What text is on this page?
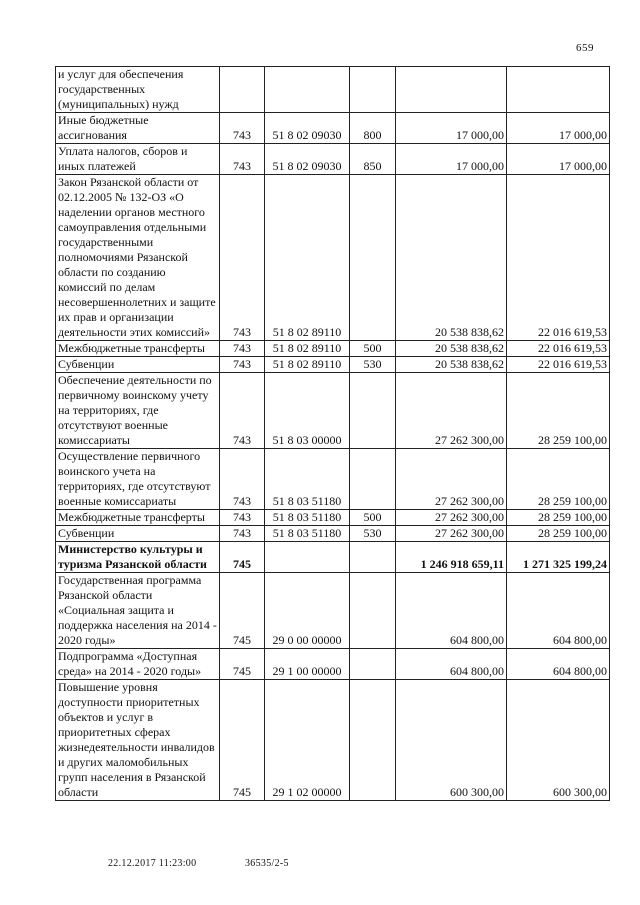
659
и услуг для обеспечения государственных (муниципальных) нужд					
Иные бюджетные ассигнования	743	51 8 02 09030	800	17 000,00	17 000,00
Уплата налогов, сборов и иных платежей	743	51 8 02 09030	850	17 000,00	17 000,00
Закон Рязанской области от 02.12.2005 № 132-ОЗ «О наделении органов местного самоуправления отдельными государственными полномочиями Рязанской области по созданию комиссий по делам несовершеннолетних и защите их прав и организации деятельности этих комиссий»	743	51 8 02 89110		20 538 838,62	22 016 619,53
Межбюджетные трансферты	743	51 8 02 89110	500	20 538 838,62	22 016 619,53
Субвенции	743	51 8 02 89110	530	20 538 838,62	22 016 619,53
Обеспечение деятельности по первичному воинскому учету на территориях, где отсутствуют военные комиссариаты	743	51 8 03 00000		27 262 300,00	28 259 100,00
Осуществление первичного воинского учета на территориях, где отсутствуют военные комиссариаты	743	51 8 03 51180		27 262 300,00	28 259 100,00
Межбюджетные трансферты	743	51 8 03 51180	500	27 262 300,00	28 259 100,00
Субвенции	743	51 8 03 51180	530	27 262 300,00	28 259 100,00
Министерство культуры и туризма Рязанской области	745			1 246 918 659,11	1 271 325 199,24
Государственная программа Рязанской области «Социальная защита и поддержка населения на 2014 - 2020 годы»	745	29 0 00 00000		604 800,00	604 800,00
Подпрограмма «Доступная среда» на 2014 - 2020 годы»	745	29 1 00 00000		604 800,00	604 800,00
Повышение уровня доступности приоритетных объектов и услуг в приоритетных сферах жизнедеятельности инвалидов и других маломобильных групп населения в Рязанской области	745	29 1 02 00000		600 300,00	600 300,00
22.12.2017 11:23:00	36535/2-5
